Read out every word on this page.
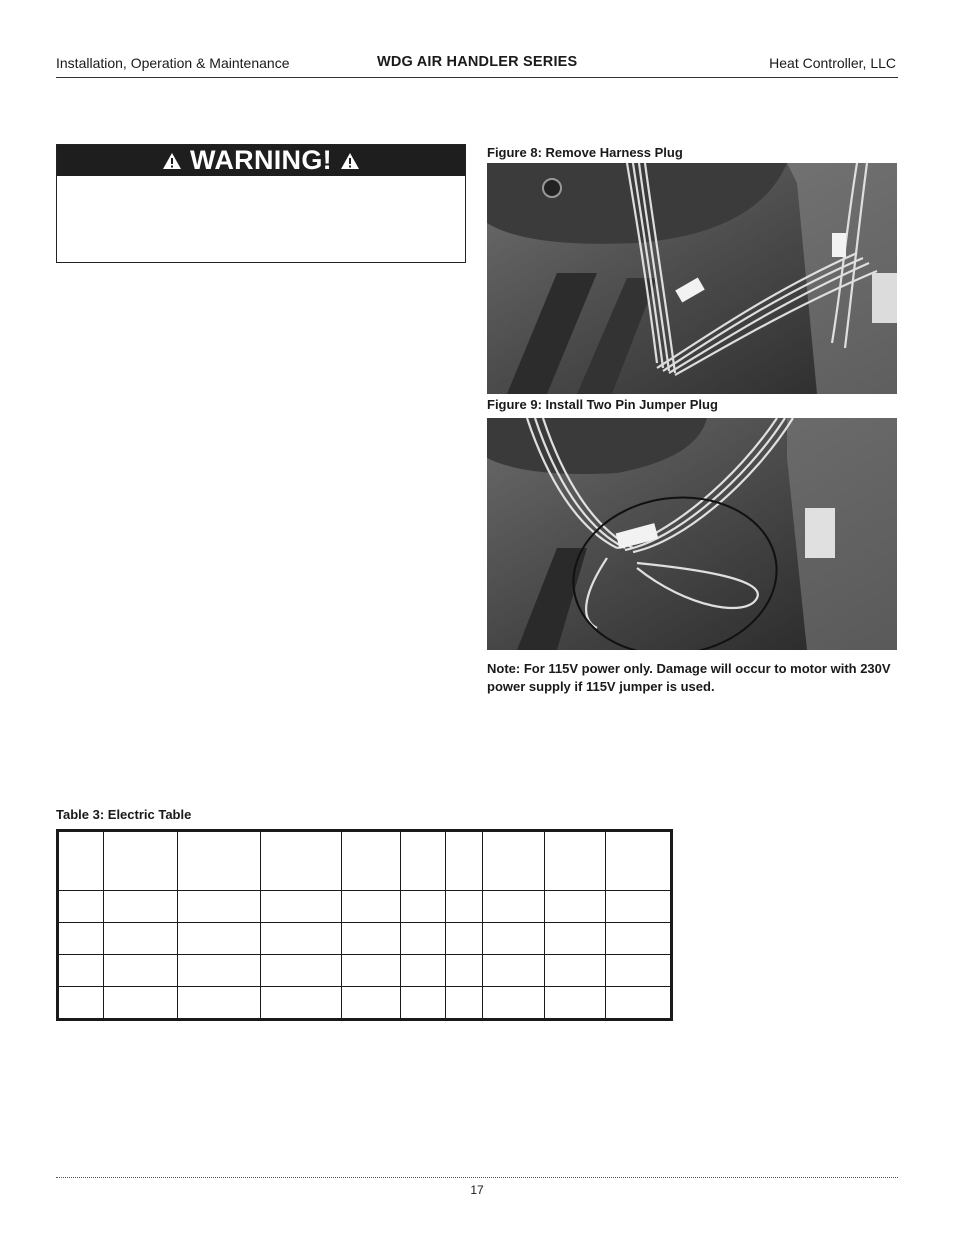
Installation, Operation & Maintenance	WDG AIR HANDLER SERIES	Heat Controller, LLC
WARNING!	Figure 8: Remove Harness Plug
Figure 9: Install Two Pin Jumper Plug
Note: For 115V power only. Damage will occur to motor with 230V power supply if 115V jumper is used.
Table 3: Electric Table

17
